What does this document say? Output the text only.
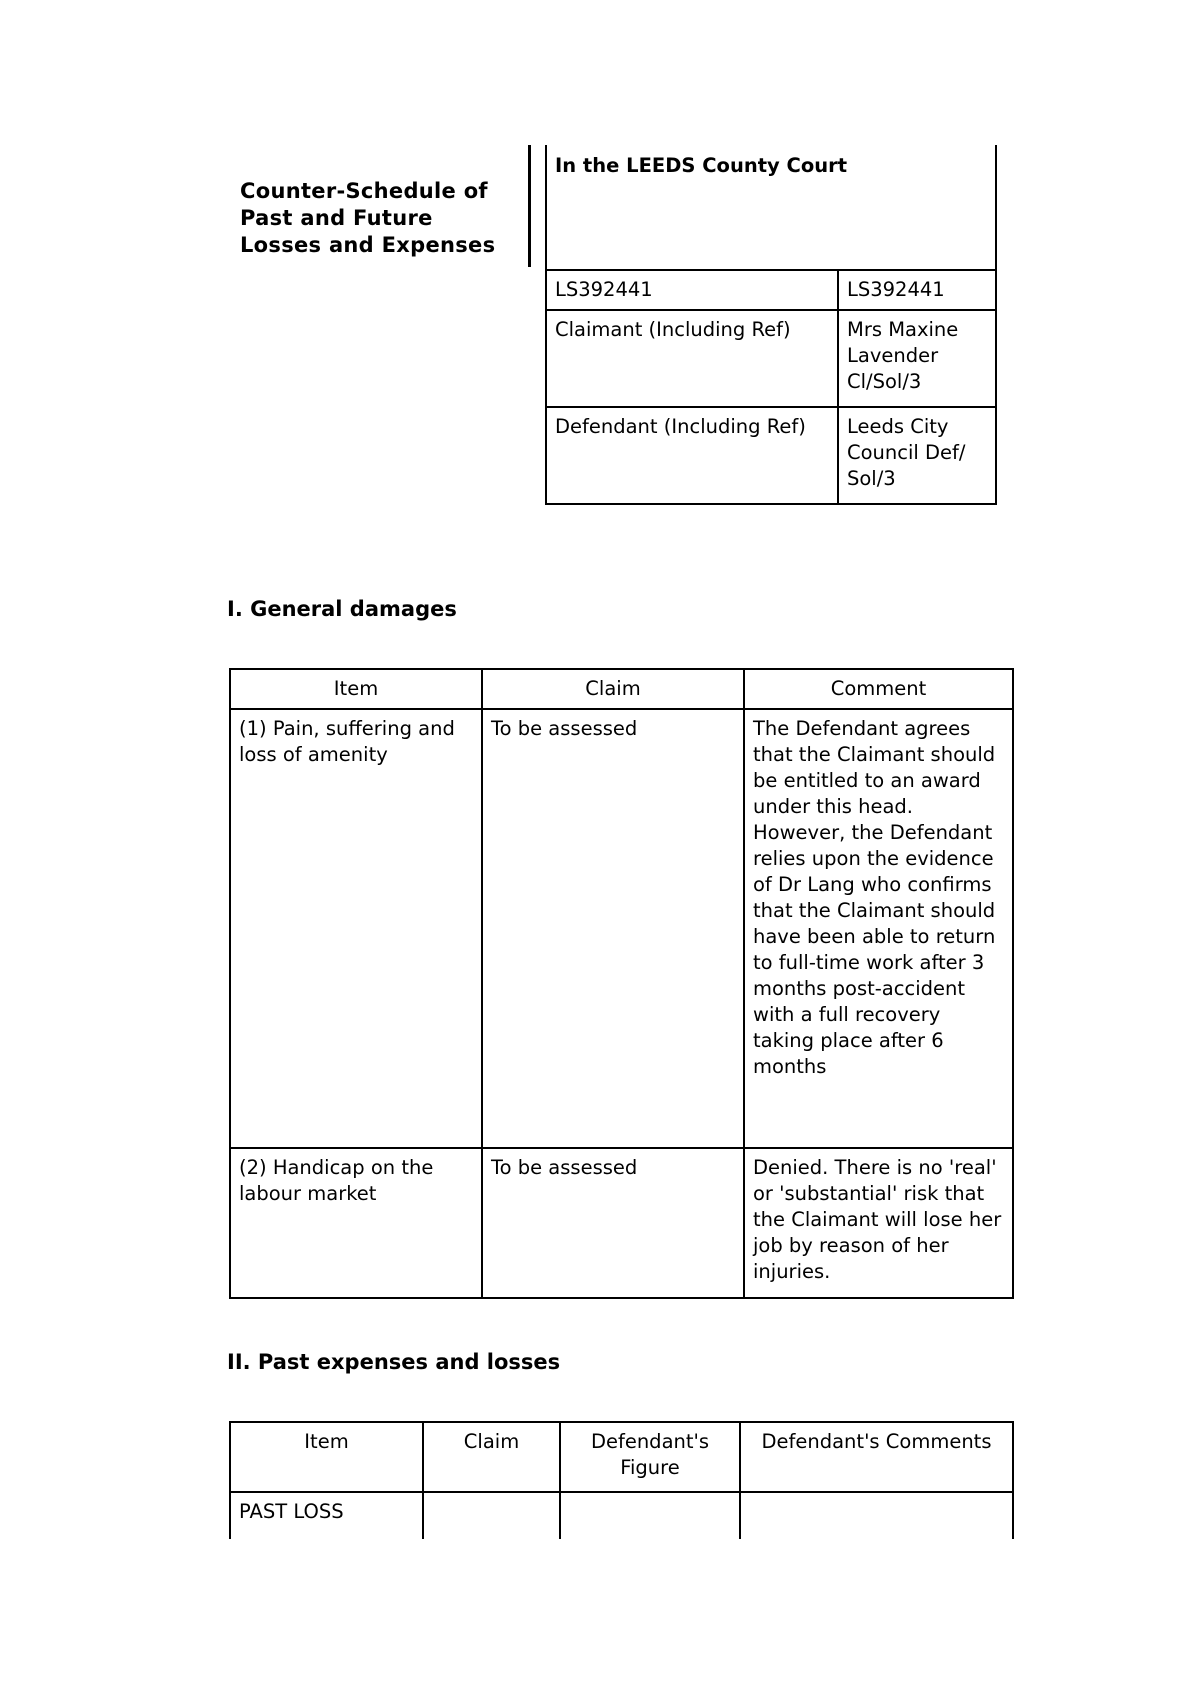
Counter-Schedule of
Past and Future
Losses and Expenses
In the LEEDS County Court	
LS392441	LS392441
Claimant (Including Ref)	Mrs Maxine Lavender Cl/Sol/3
Defendant (Including Ref)	Leeds City Council Def/ Sol/3
I. General damages
Item	Claim	Comment
(1) Pain, suffering and loss of amenity	To be assessed	The Defendant agrees that the Claimant should be entitled to an award under this head. However, the Defendant relies upon the evidence of Dr Lang who confirms that the Claimant should have been able to return to full-time work after 3 months post-accident with a full recovery taking place after 6 months
(2) Handicap on the labour market	To be assessed	Denied. There is no 'real' or 'substantial' risk that the Claimant will lose her job by reason of her injuries.
II. Past expenses and losses
Item	Claim	Defendant's Figure	Defendant's Comments
PAST LOSS			
